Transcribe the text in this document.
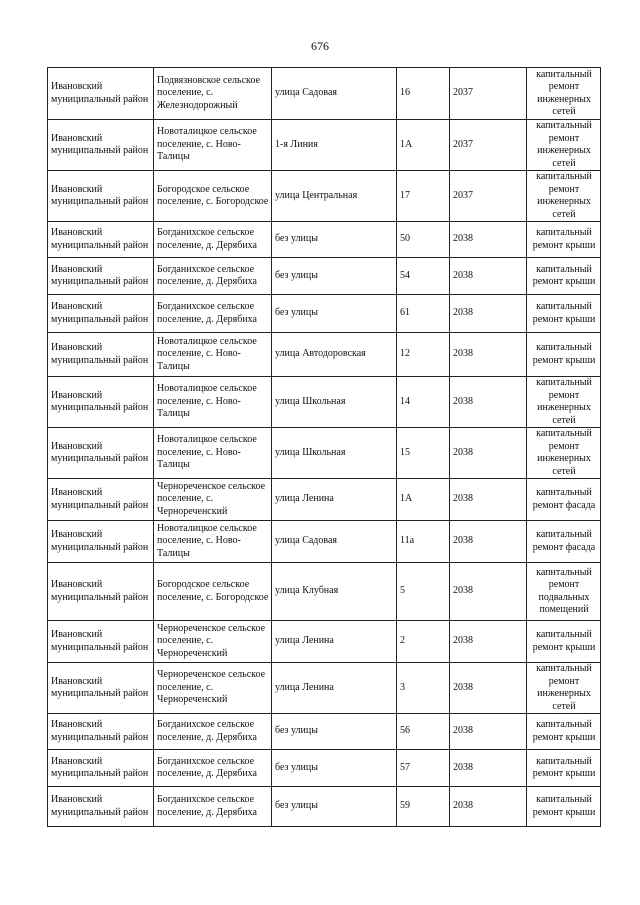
676
Ивановский муниципальный район	Подвязновское сельское поселение, с. Железнодорожный	улица Садовая	16	2037	капитальный ремонт инженерных сетей
Ивановский муниципальный район	Новоталицкое сельское поселение, с. Ново-Талицы	1-я Линия	1А	2037	капитальный ремонт инженерных сетей
Ивановский муниципальный район	Богородское сельское поселение, с. Богородское	улица Центральная	17	2037	капитальный ремонт инженерных сетей
Ивановский муниципальный район	Богданихское сельское поселение, д. Дерябиха	без улицы	50	2038	капитальный ремонт крыши
Ивановский муниципальный район	Богданихское сельское поселение, д. Дерябиха	без улицы	54	2038	капитальный ремонт крыши
Ивановский муниципальный район	Богданихское сельское поселение, д. Дерябиха	без улицы	61	2038	капитальный ремонт крыши
Ивановский муниципальный район	Новоталицкое сельское поселение, с. Ново-Талицы	улица Автодоровская	12	2038	капитальный ремонт крыши
Ивановский муниципальный район	Новоталицкое сельское поселение, с. Ново-Талицы	улица Школьная	14	2038	капитальный ремонт инженерных сетей
Ивановский муниципальный район	Новоталицкое сельское поселение, с. Ново-Талицы	улица Школьная	15	2038	капитальный ремонт инженерных сетей
Ивановский муниципальный район	Чернореченское сельское поселение, с. Чернореченский	улица Ленина	1А	2038	капитальный ремонт фасада
Ивановский муниципальный район	Новоталицкое сельское поселение, с. Ново-Талицы	улица Садовая	11а	2038	капитальный ремонт фасада
Ивановский муниципальный район	Богородское сельское поселение, с. Богородское	улица Клубная	5	2038	капитальный ремонт подвальных помещений
Ивановский муниципальный район	Чернореченское сельское поселение, с. Чернореченский	улица Ленина	2	2038	капитальный ремонт крыши
Ивановский муниципальный район	Чернореченское сельское поселение, с. Чернореченский	улица Ленина	3	2038	капитальный ремонт инженерных сетей
Ивановский муниципальный район	Богданихское сельское поселение, д. Дерябиха	без улицы	56	2038	капитальный ремонт крыши
Ивановский муниципальный район	Богданихское сельское поселение, д. Дерябиха	без улицы	57	2038	капитальный ремонт крыши
Ивановский муниципальный район	Богданихское сельское поселение, д. Дерябиха	без улицы	59	2038	капитальный ремонт крыши
